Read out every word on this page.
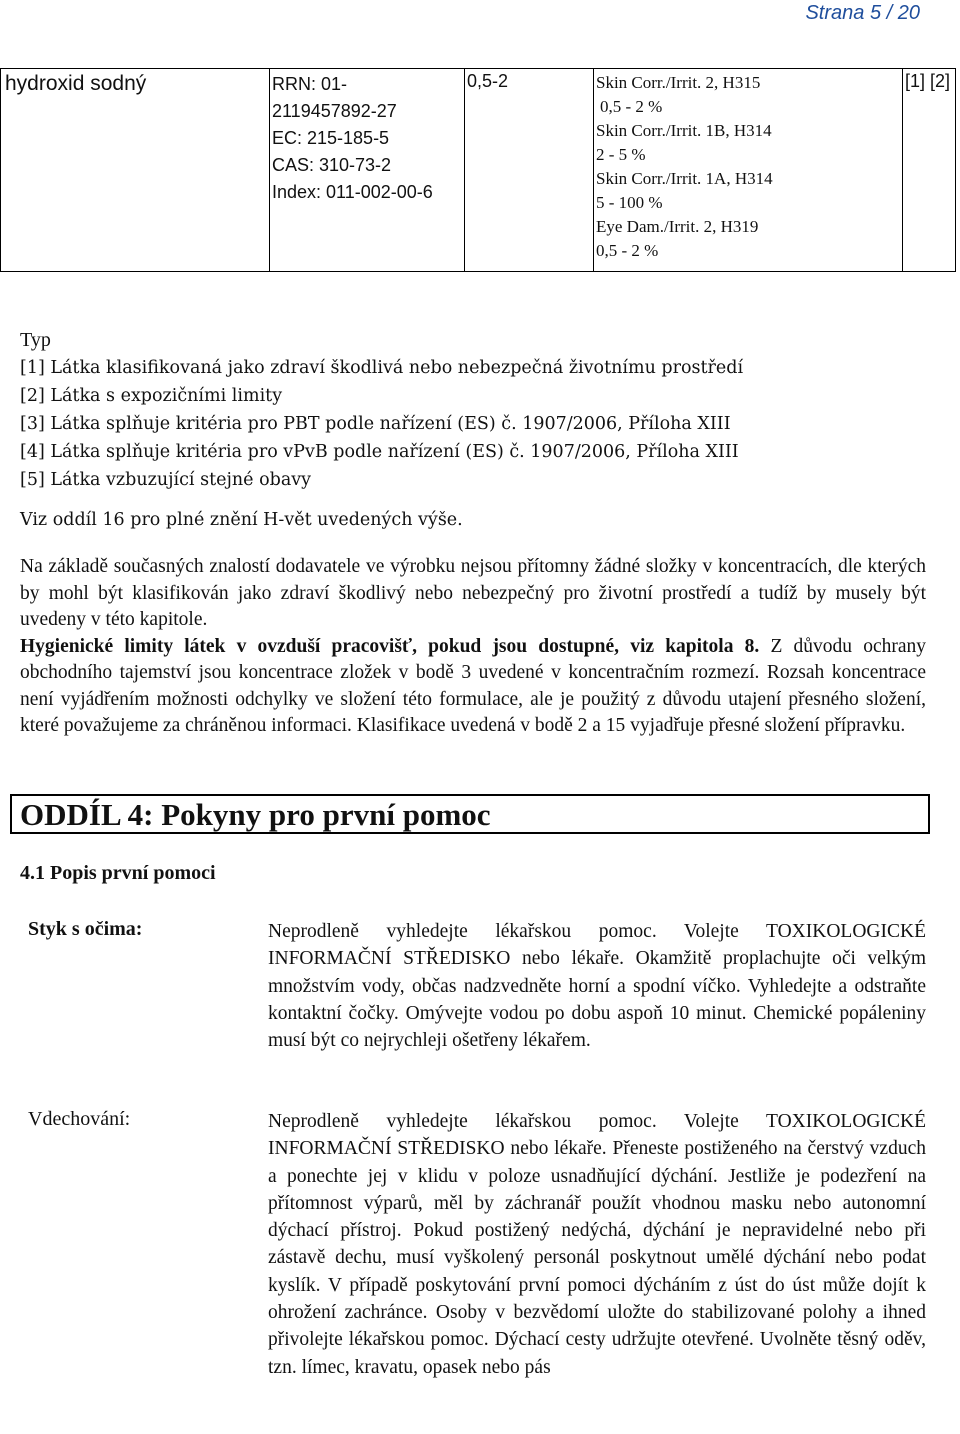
Strana 5 / 20
hydroxid sodný	RRN: 01-
2119457892-27
EC: 215-185-5
CAS: 310-73-2
Index: 011-002-00-6
	0,5-2	Skin Corr./Irrit. 2, H315
0,5 - 2 %
Skin Corr./Irrit. 1B, H314
2 - 5 %
Skin Corr./Irrit. 1A, H314
5 - 100 %
Eye Dam./Irrit. 2, H319
0,5 - 2 %
	[1] [2]
Typ
[1] Látka klasifikovaná jako zdraví škodlivá nebo nebezpečná životnímu prostředí
[2] Látka s expozičními limity
[3] Látka splňuje kritéria pro PBT podle nařízení (ES) č. 1907/2006, Příloha XIII
[4] Látka splňuje kritéria pro vPvB podle nařízení (ES) č. 1907/2006, Příloha XIII
[5] Látka vzbuzující stejné obavy
Viz oddíl 16 pro plné znění H-vět uvedených výše.

Na základě současných znalostí dodavatele ve výrobku nejsou přítomny žádné složky v koncentracích, dle kterých by mohl být klasifikován jako zdraví škodlivý nebo nebezpečný pro životní prostředí a tudíž by musely být uvedeny v této kapitole.

Hygienické limity látek v ovzduší pracovišť, pokud jsou dostupné, viz kapitola 8. Z důvodu ochrany obchodního tajemství jsou koncentrace zložek v bodě 3 uvedené v koncentračním rozmezí. Rozsah koncentrace není vyjádřením možnosti odchylky ve složení této formulace, ale je použitý z důvodu utajení přesného složení, které považujeme za chráněnou informaci. Klasifikace uvedená v bodě 2 a 15 vyjadřuje přesné složení přípravku.

ODDÍL 4: Pokyny pro první pomoc
4.1 Popis první pomoci
Styk s očima:	Neprodleně vyhledejte lékařskou pomoc. Volejte TOXIKOLOGICKÉ INFORMAČNÍ STŘEDISKO nebo lékaře. Okamžitě proplachujte oči velkým množstvím vody, občas nadzvedněte horní a spodní víčko. Vyhledejte a odstraňte kontaktní čočky. Omývejte vodou po dobu aspoň 10 minut. Chemické popáleniny musí být co nejrychleji ošetřeny lékařem.
Vdechování:	Neprodleně vyhledejte lékařskou pomoc. Volejte TOXIKOLOGICKÉ INFORMAČNÍ STŘEDISKO nebo lékaře. Přeneste postiženého na čerstvý vzduch a ponechte jej v klidu v poloze usnadňující dýchání. Jestliže je podezření na přítomnost výparů, měl by záchranář použít vhodnou masku nebo autonomní dýchací přístroj. Pokud postižený nedýchá, dýchání je nepravidelné nebo při zástavě dechu, musí vyškolený personál poskytnout umělé dýchání nebo podat kyslík. V případě poskytování první pomoci dýcháním z úst do úst může dojít k ohrožení zachránce. Osoby v bezvědomí uložte do stabilizované polohy a ihned přivolejte lékařskou pomoc. Dýchací cesty udržujte otevřené. Uvolněte těsný oděv, tzn. límec, kravatu, opasek nebo pás
